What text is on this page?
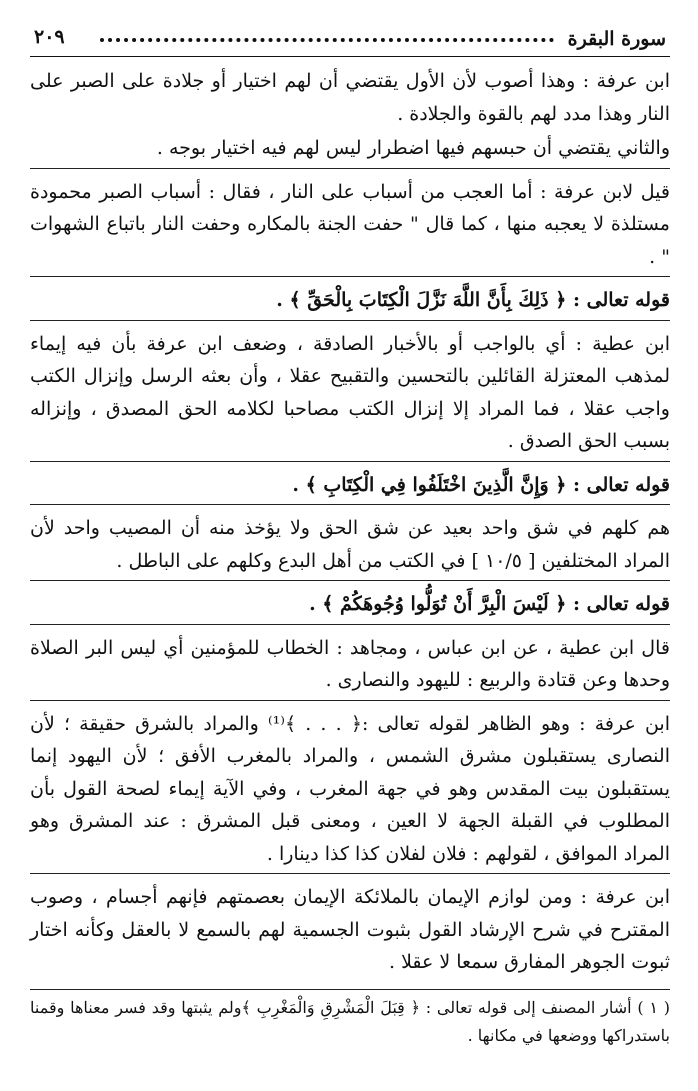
سورة البقرة
٢٠٩

ابن عرفة : وهذا أصوب لأن الأول يقتضي أن لهم اختيار أو جلادة على الصبر على النار وهذا مدد لهم بالقوة والجلادة .

والثاني يقتضي أن حبسهم فيها اضطرار ليس لهم فيه اختيار بوجه .

قيل لابن عرفة : أما العجب من أسباب على النار ، فقال : أسباب الصبر محمودة مستلذة لا يعجبه منها ، كما قال " حفت الجنة بالمكاره وحفت النار باتباع الشهوات " .

قوله تعالى : ﴿ ذَلِكَ بِأَنَّ اللَّهَ نَزَّلَ الْكِتَابَ بِالْحَقِّ ﴾ .

ابن عطية : أي بالواجب أو بالأخبار الصادقة ، وضعف ابن عرفة بأن فيه إيماء لمذهب المعتزلة القائلين بالتحسين والتقبيح عقلا ، وأن بعثه الرسل وإنزال الكتب واجب عقلا ، فما المراد إلا إنزال الكتب مصاحبا لكلامه الحق المصدق ، وإنزاله بسبب الحق الصدق .

قوله تعالى : ﴿ وَإِنَّ الَّذِينَ اخْتَلَفُوا فِي الْكِتَابِ ﴾ .

هم كلهم في شق واحد بعيد عن شق الحق ولا يؤخذ منه أن المصيب واحد لأن المراد المختلفين [ ١٠/٥ ] في الكتب من أهل البدع وكلهم على الباطل .

قوله تعالى : ﴿ لَيْسَ الْبِرَّ أَنْ تُوَلُّوا وُجُوهَكُمْ ﴾ .

قال ابن عطية ، عن ابن عباس ، ومجاهد : الخطاب للمؤمنين أي ليس البر الصلاة وحدها وعن قتادة والربيع : لليهود والنصارى .

ابن عرفة : وهو الظاهر لقوله تعالى :﴿ . . . ﴾⁽¹⁾ والمراد بالشرق حقيقة ؛ لأن النصارى يستقبلون مشرق الشمس ، والمراد بالمغرب الأفق ؛ لأن اليهود إنما يستقبلون بيت المقدس وهو في جهة المغرب ، وفي الآية إيماء لصحة القول بأن المطلوب في القبلة الجهة لا العين ، ومعنى قبل المشرق : عند المشرق وهو المراد الموافق ، لقولهم : فلان لفلان كذا كذا دينارا .

ابن عرفة : ومن لوازم الإيمان بالملائكة الإيمان بعصمتهم فإنهم أجسام ، وصوب المقترح في شرح الإرشاد القول بثبوت الجسمية لهم بالسمع لا بالعقل وكأنه اختار ثبوت الجوهر المفارق سمعا لا عقلا .

( ١ ) أشار المصنف إلى قوله تعالى : ﴿ قِبَلَ الْمَشْرِقِ وَالْمَغْرِبِ ﴾ولم يثبتها وقد فسر معناها وقمنا باستدراكها ووضعها في مكانها .
